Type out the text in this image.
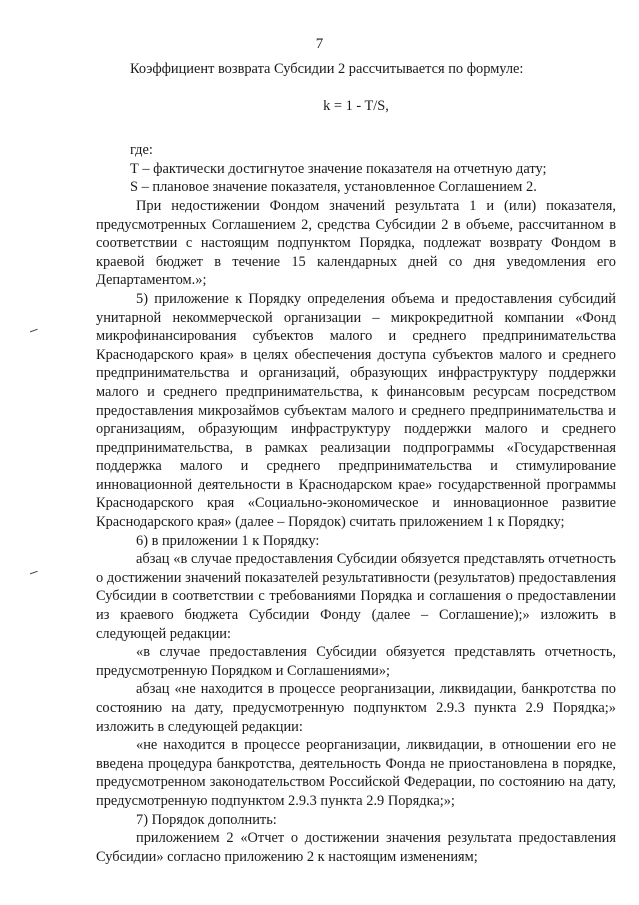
7

Коэффициент возврата Субсидии 2 рассчитывается по формуле:

k = 1 - T/S,

где:

Т – фактически достигнутое значение показателя на отчетную дату;

S – плановое значение показателя, установленное Соглашением 2.

При недостижении Фондом значений результата 1 и (или) показателя, предусмотренных Соглашением 2, средства Субсидии 2 в объеме, рассчитанном в соответствии с настоящим подпунктом Порядка, подлежат возврату Фондом в краевой бюджет в течение 15 календарных дней со дня уведомления его Департаментом.»;

5) приложение к Порядку определения объема и предоставления субсидий унитарной некоммерческой организации – микрокредитной компании «Фонд микрофинансирования субъектов малого и среднего предпринимательства Краснодарского края» в целях обеспечения доступа субъектов малого и среднего предпринимательства и организаций, образующих инфраструктуру поддержки малого и среднего предпринимательства, к финансовым ресурсам посредством предоставления микрозаймов субъектам малого и среднего предпринимательства и организациям, образующим инфраструктуру поддержки малого и среднего предпринимательства, в рамках реализации подпрограммы «Государственная поддержка малого и среднего предпринимательства и стимулирование инновационной деятельности в Краснодарском крае» государственной программы Краснодарского края «Социально-экономическое и инновационное развитие Краснодарского края» (далее – Порядок) считать приложением 1 к Порядку;

6) в приложении 1 к Порядку:

абзац «в случае предоставления Субсидии обязуется представлять отчетность о достижении значений показателей результативности (результатов) предоставления Субсидии в соответствии с требованиями Порядка и соглашения о предоставлении из краевого бюджета Субсидии Фонду (далее – Соглашение);» изложить в следующей редакции:

«в случае предоставления Субсидии обязуется представлять отчетность, предусмотренную Порядком и Соглашениями»;

абзац «не находится в процессе реорганизации, ликвидации, банкротства по состоянию на дату, предусмотренную подпунктом 2.9.3 пункта 2.9 Порядка;» изложить в следующей редакции:

«не находится в процессе реорганизации, ликвидации, в отношении его не введена процедура банкротства, деятельность Фонда не приостановлена в порядке, предусмотренном законодательством Российской Федерации, по состоянию на дату, предусмотренную подпунктом 2.9.3 пункта 2.9 Порядка;»;

7) Порядок дополнить:

приложением 2 «Отчет о достижении значения результата предоставления Субсидии» согласно приложению 2 к настоящим изменениям;
